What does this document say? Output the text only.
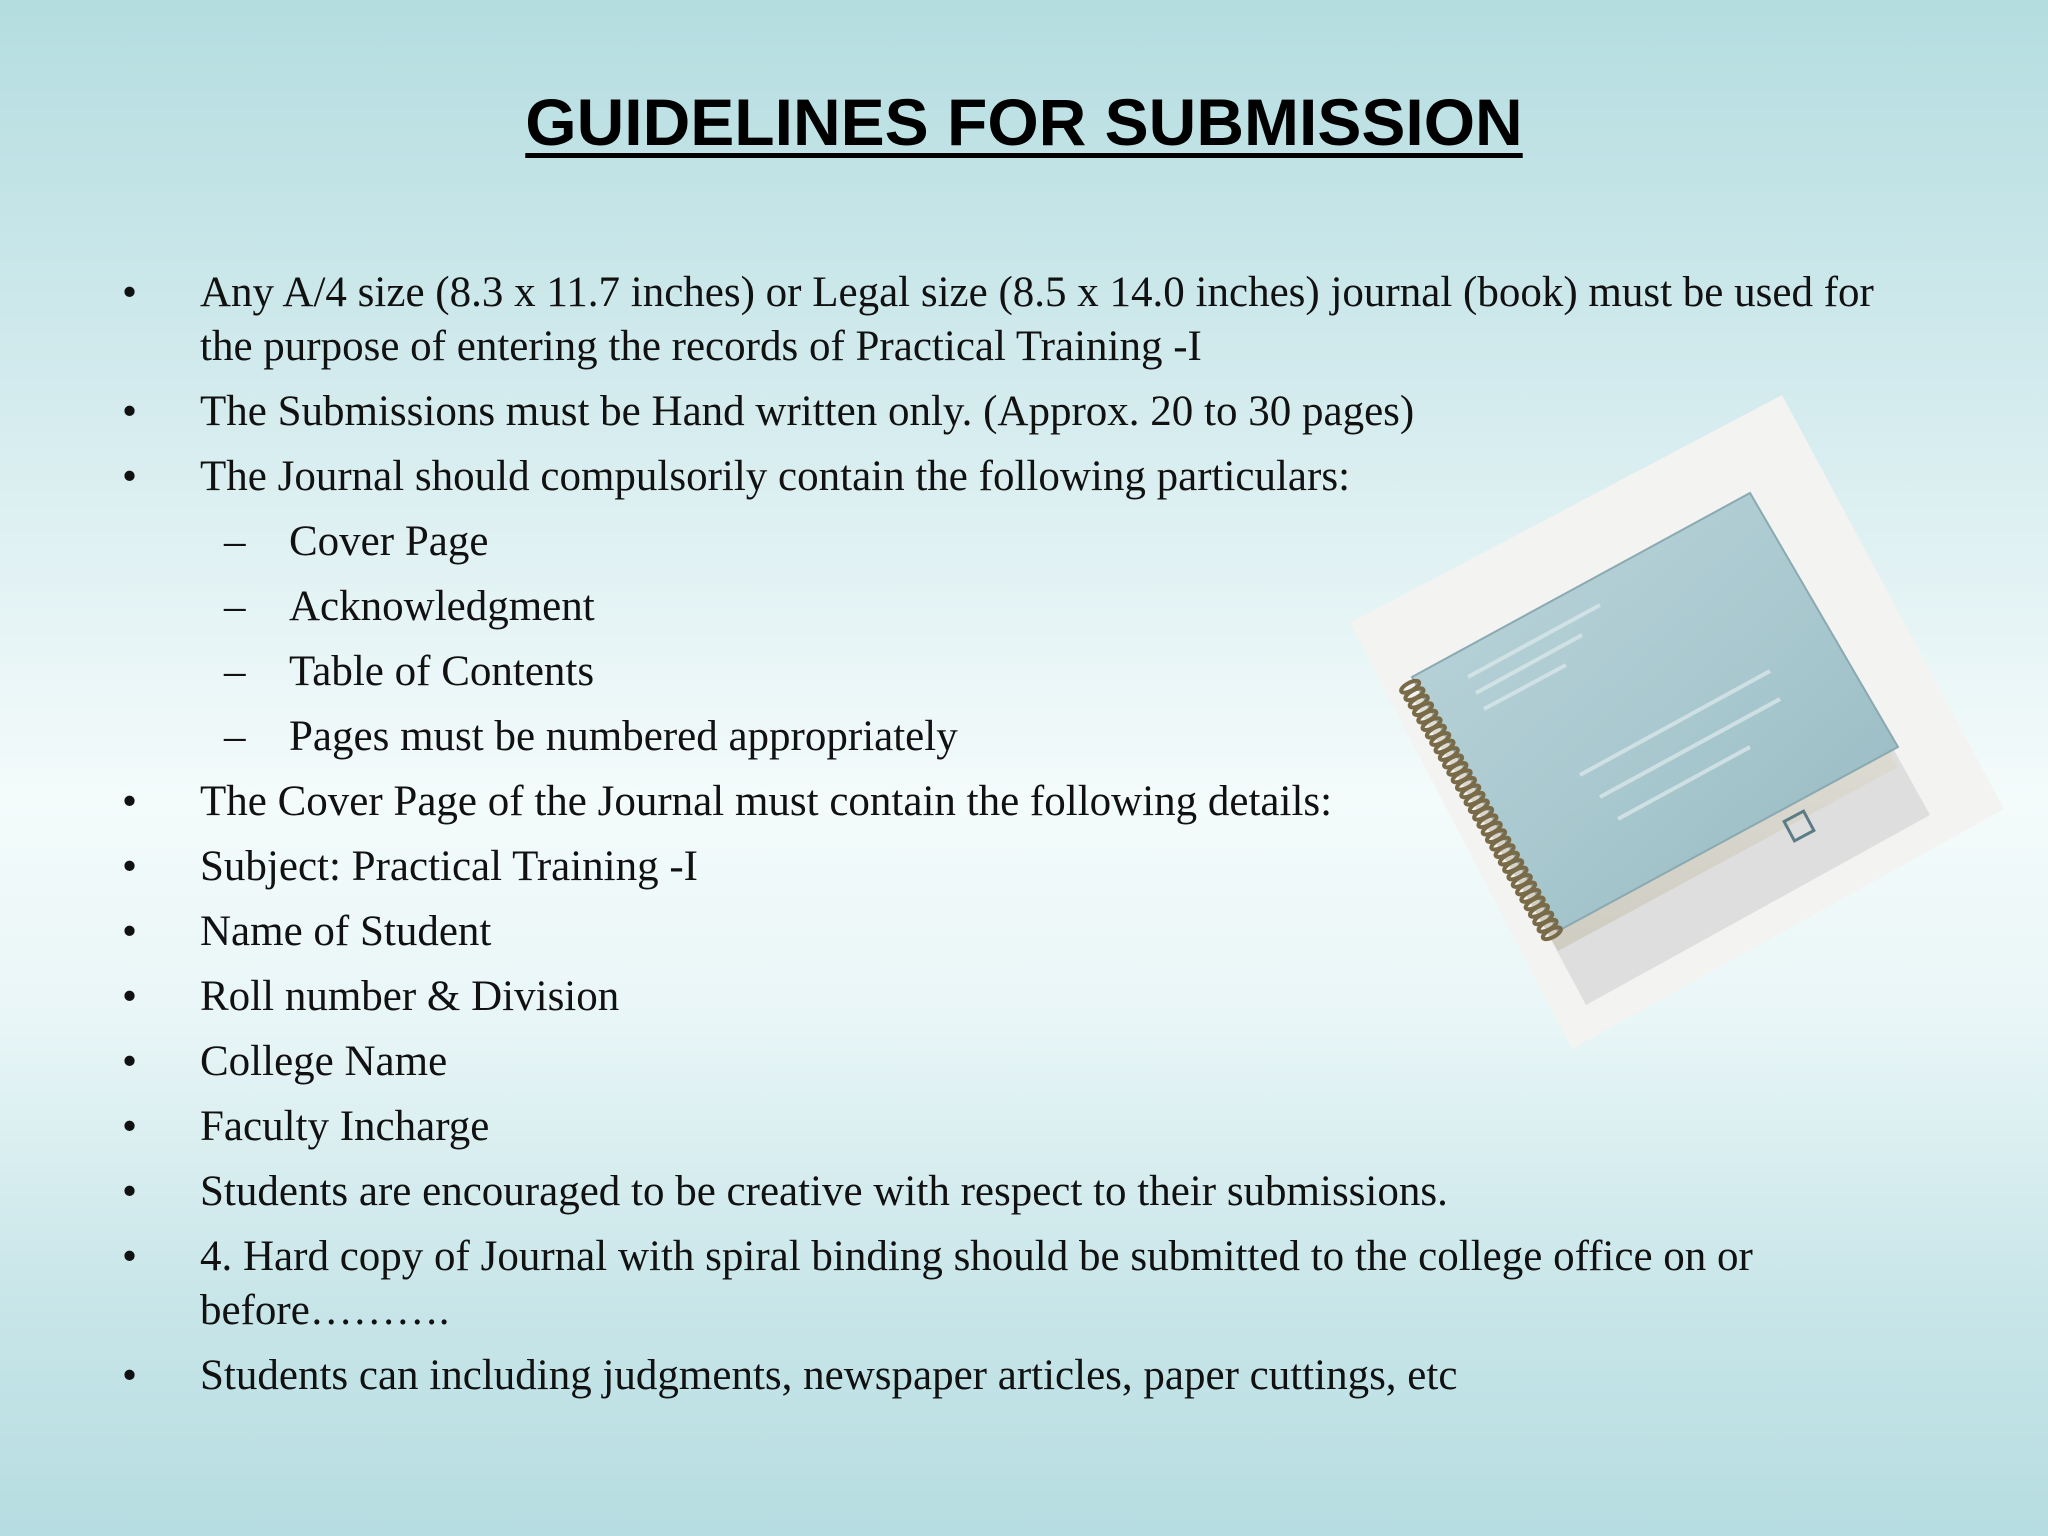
GUIDELINES FOR SUBMISSION
• Any A/4 size (8.3 x 11.7 inches) or Legal size (8.5 x 14.0 inches) journal (book) must be used for the purpose of entering the records of Practical Training -I
• The Submissions must be Hand written only. (Approx. 20 to 30 pages)
• The Journal should compulsorily contain the following particulars:
– Cover Page
– Acknowledgment
– Table of Contents
– Pages must be numbered appropriately
• The Cover Page of the Journal must contain the following details:
• Subject: Practical Training -I
• Name of Student
• Roll number & Division
• College Name
• Faculty Incharge
• Students are encouraged to be creative with respect to their submissions.
• 4. Hard copy of Journal with spiral binding should be submitted to the college office on or before……….
• Students can including judgments, newspaper articles, paper cuttings, etc
